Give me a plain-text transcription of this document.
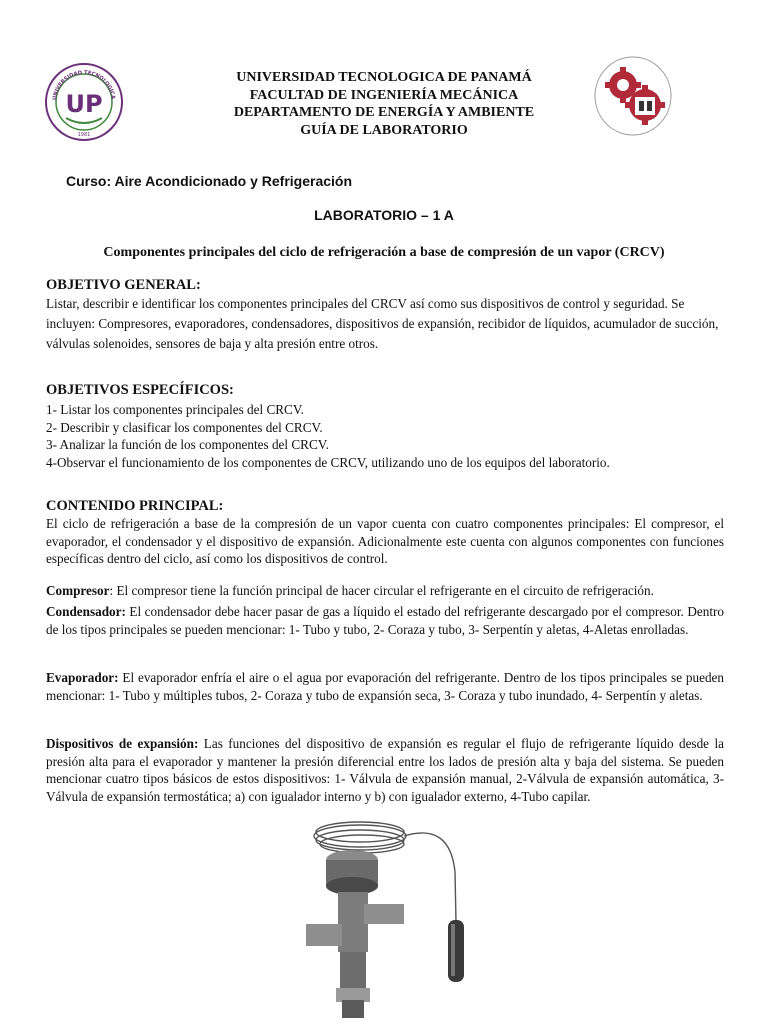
UNIVERSIDAD TECNOLOGICA
UP
1981
UNIVERSIDAD TECNOLOGICA DE PANAMÁ
FACULTAD DE INGENIERÍA MECÁNICA
DEPARTAMENTO DE ENERGÍA Y AMBIENTE
GUÍA DE LABORATORIO
Curso: Aire Acondicionado y Refrigeración
LABORATORIO – 1 A
Componentes principales del ciclo de refrigeración a base de compresión de un vapor (CRCV)
OBJETIVO GENERAL:
Listar, describir e identificar los componentes principales del CRCV así como sus dispositivos de control y seguridad. Se incluyen: Compresores, evaporadores, condensadores, dispositivos de expansión, recibidor de líquidos, acumulador de succión, válvulas solenoides, sensores de baja y alta presión entre otros.
OBJETIVOS ESPECÍFICOS:
1- Listar los componentes principales del CRCV.
2- Describir y clasificar los componentes del CRCV.
3- Analizar la función de los componentes del CRCV.
4-Observar el funcionamiento de los componentes de CRCV, utilizando uno de los equipos del laboratorio.
CONTENIDO PRINCIPAL:
El ciclo de refrigeración a base de la compresión de un vapor cuenta con cuatro componentes principales: El compresor, el evaporador, el condensador y el dispositivo de expansión. Adicionalmente este cuenta con algunos componentes con funciones específicas dentro del ciclo, así como los dispositivos de control.
Compresor: El compresor tiene la función principal de hacer circular el refrigerante en el circuito de refrigeración.
Condensador: El condensador debe hacer pasar de gas a líquido el estado del refrigerante descargado por el compresor. Dentro de los tipos principales se pueden mencionar: 1- Tubo y tubo, 2- Coraza y tubo, 3- Serpentín y aletas, 4-Aletas enrolladas.
Evaporador: El evaporador enfría el aire o el agua por evaporación del refrigerante. Dentro de los tipos principales se pueden mencionar: 1- Tubo y múltiples tubos, 2- Coraza y tubo de expansión seca, 3- Coraza y tubo inundado, 4- Serpentín y aletas.
Dispositivos de expansión: Las funciones del dispositivo de expansión es regular el flujo de refrigerante líquido desde la presión alta para el evaporador y mantener la presión diferencial entre los lados de presión alta y baja del sistema. Se pueden mencionar cuatro tipos básicos de estos dispositivos: 1- Válvula de expansión manual, 2-Válvula de expansión automática, 3-Válvula de expansión termostática; a) con igualador interno y b) con igualador externo, 4-Tubo capilar.
